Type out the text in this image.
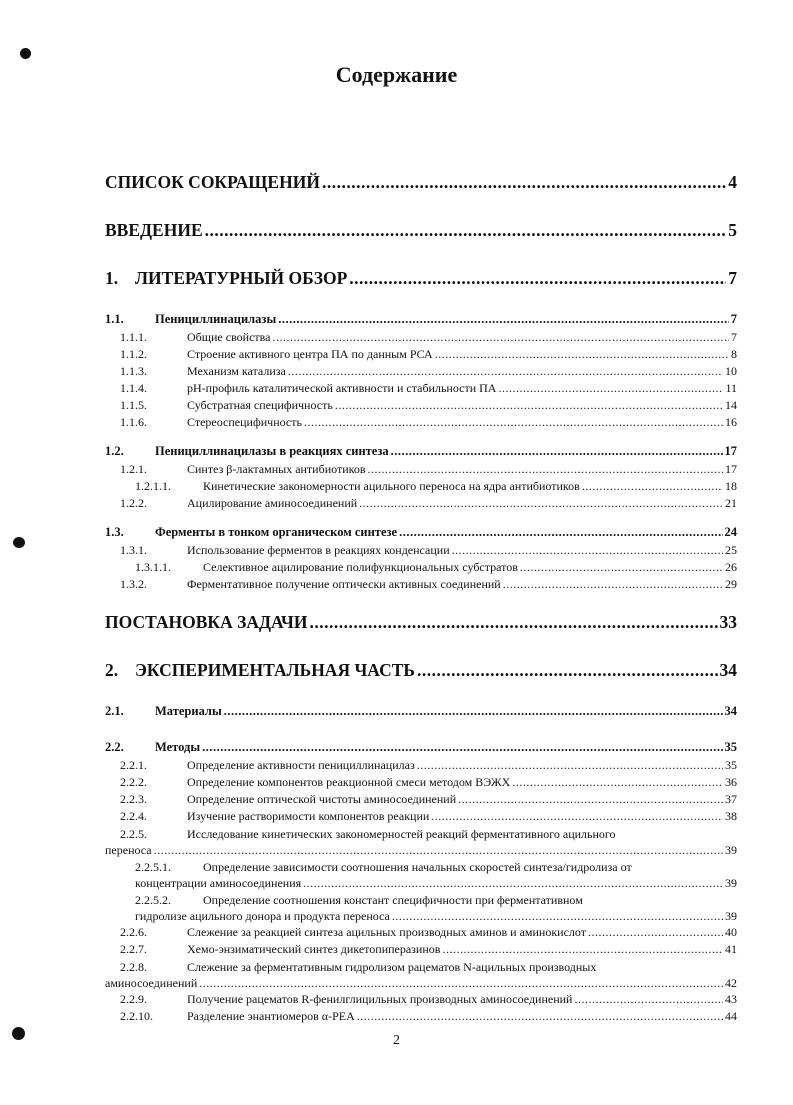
Содержание
СПИСОК СОКРАЩЕНИЙ .....	4
ВВЕДЕНИЕ .....	5
1. ЛИТЕРАТУРНЫЙ ОБЗОР .....	7
1.1.	Пенициллинацилазы .....	7
1.1.1.	Общие свойства .....	7
1.1.2.	Строение активного центра ПА по данным РСА .....	8
1.1.3.	Механизм катализа .....	10
1.1.4.	pH-профиль каталитической активности и стабильности ПА .....	11
1.1.5.	Субстратная специфичность .....	14
1.1.6.	Стереоспецифичность .....	16
1.2.	Пенициллинацилазы в реакциях синтеза .....	17
1.2.1.	Синтез β-лактамных антибиотиков .....	17
1.2.1.1.	Кинетические закономерности ацильного переноса на ядра антибиотиков .....	18
1.2.2.	Ацилирование аминосоединений .....	21
1.3.	Ферменты в тонком органическом синтезе .....	24
1.3.1.	Использование ферментов в реакциях конденсации .....	25
1.3.1.1.	Селективное ацилирование полифункциональных субстратов .....	26
1.3.2.	Ферментативное получение оптически активных соединений .....	29
ПОСТАНОВКА ЗАДАЧИ .....	33
2. ЭКСПЕРИМЕНТАЛЬНАЯ ЧАСТЬ .....	34
2.1.	Материалы .....	34
2.2.	Методы .....	35
2.2.1.	Определение активности пенициллинацилаз .....	35
2.2.2.	Определение компонентов реакционной смеси методом ВЭЖХ .....	36
2.2.3.	Определение оптической чистоты аминосоединений .....	37
2.2.4.	Изучение растворимости компонентов реакции .....	38
2.2.5.	Исследование кинетических закономерностей реакций ферментативного ацильного
переноса .....	39
2.2.5.1.	Определение зависимости соотношения начальных скоростей синтеза/гидролиза от
концентрации аминосоединения .....	39
2.2.5.2.	Определение соотношения констант специфичности при ферментативном
гидролизе ацильного донора и продукта переноса .....	39
2.2.6.	Слежение за реакцией синтеза ацильных производных аминов и аминокислот .....	40
2.2.7.	Хемо-энзиматический синтез дикетопиперазинов .....	41
2.2.8.	Слежение за ферментативным гидролизом рацематов N-ацильных производных
аминосоединений .....	42
2.2.9.	Получение рацематов R-фенилглицильных производных аминосоединений .....	43
2.2.10.	Разделение энантиомеров α-PEA .....	44
2
